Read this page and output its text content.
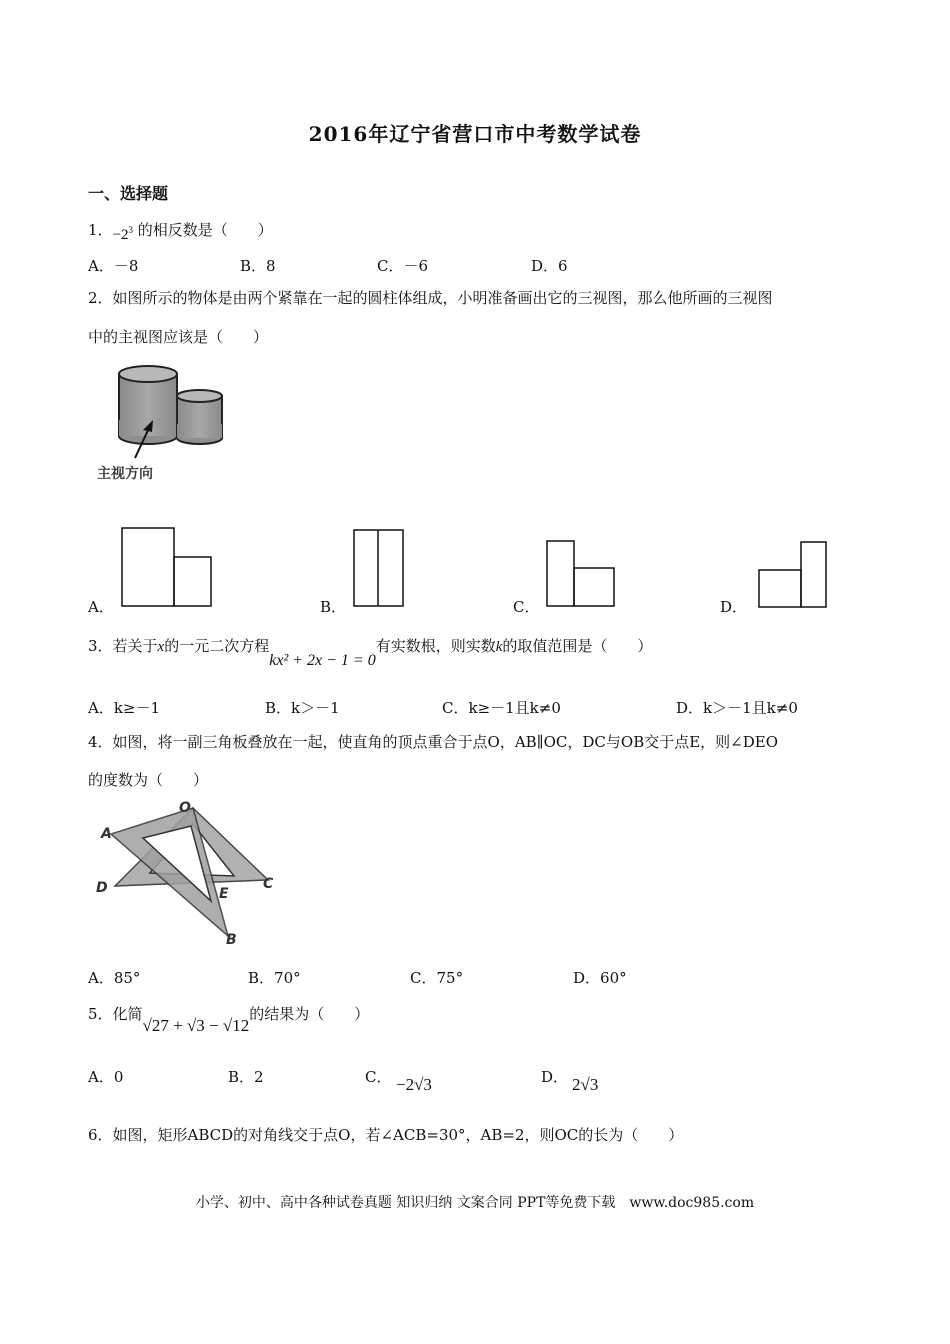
2016年辽宁省营口市中考数学试卷
一、选择题
1．$-2^3$ 的相反数是（　　）
A．－8	B．8	C．－6	D．6
2．如图所示的物体是由两个紧靠在一起的圆柱体组成，小明准备画出它的三视图，那么他所画的三视图
中的主视图应该是（　　）
主视方向
A．	B．	C．	D．
3．若关于x的一元二次方程kx² + 2x − 1 = 0有实数根，则实数k的取值范围是（　　）
A．k≥－1	B．k＞－1	C．k≥－1且k≠0	D．k＞－1且k≠0
4．如图，将一副三角板叠放在一起，使直角的顶点重合于点O，AB∥OC，DC与OB交于点E，则∠DEO
的度数为（　　）
O
A
D	E
C
B
A．85°	B．70°	C．75°	D．60°
5．化简√27 + √3 − √12的结果为（　　）
A．0	B．2	C． −2√3	D． 2√3
6．如图，矩形ABCD的对角线交于点O，若∠ACB=30°，AB=2，则OC的长为（　　）
小学、初中、高中各种试卷真题 知识归纳 文案合同 PPT等免费下载　www.doc985.com
